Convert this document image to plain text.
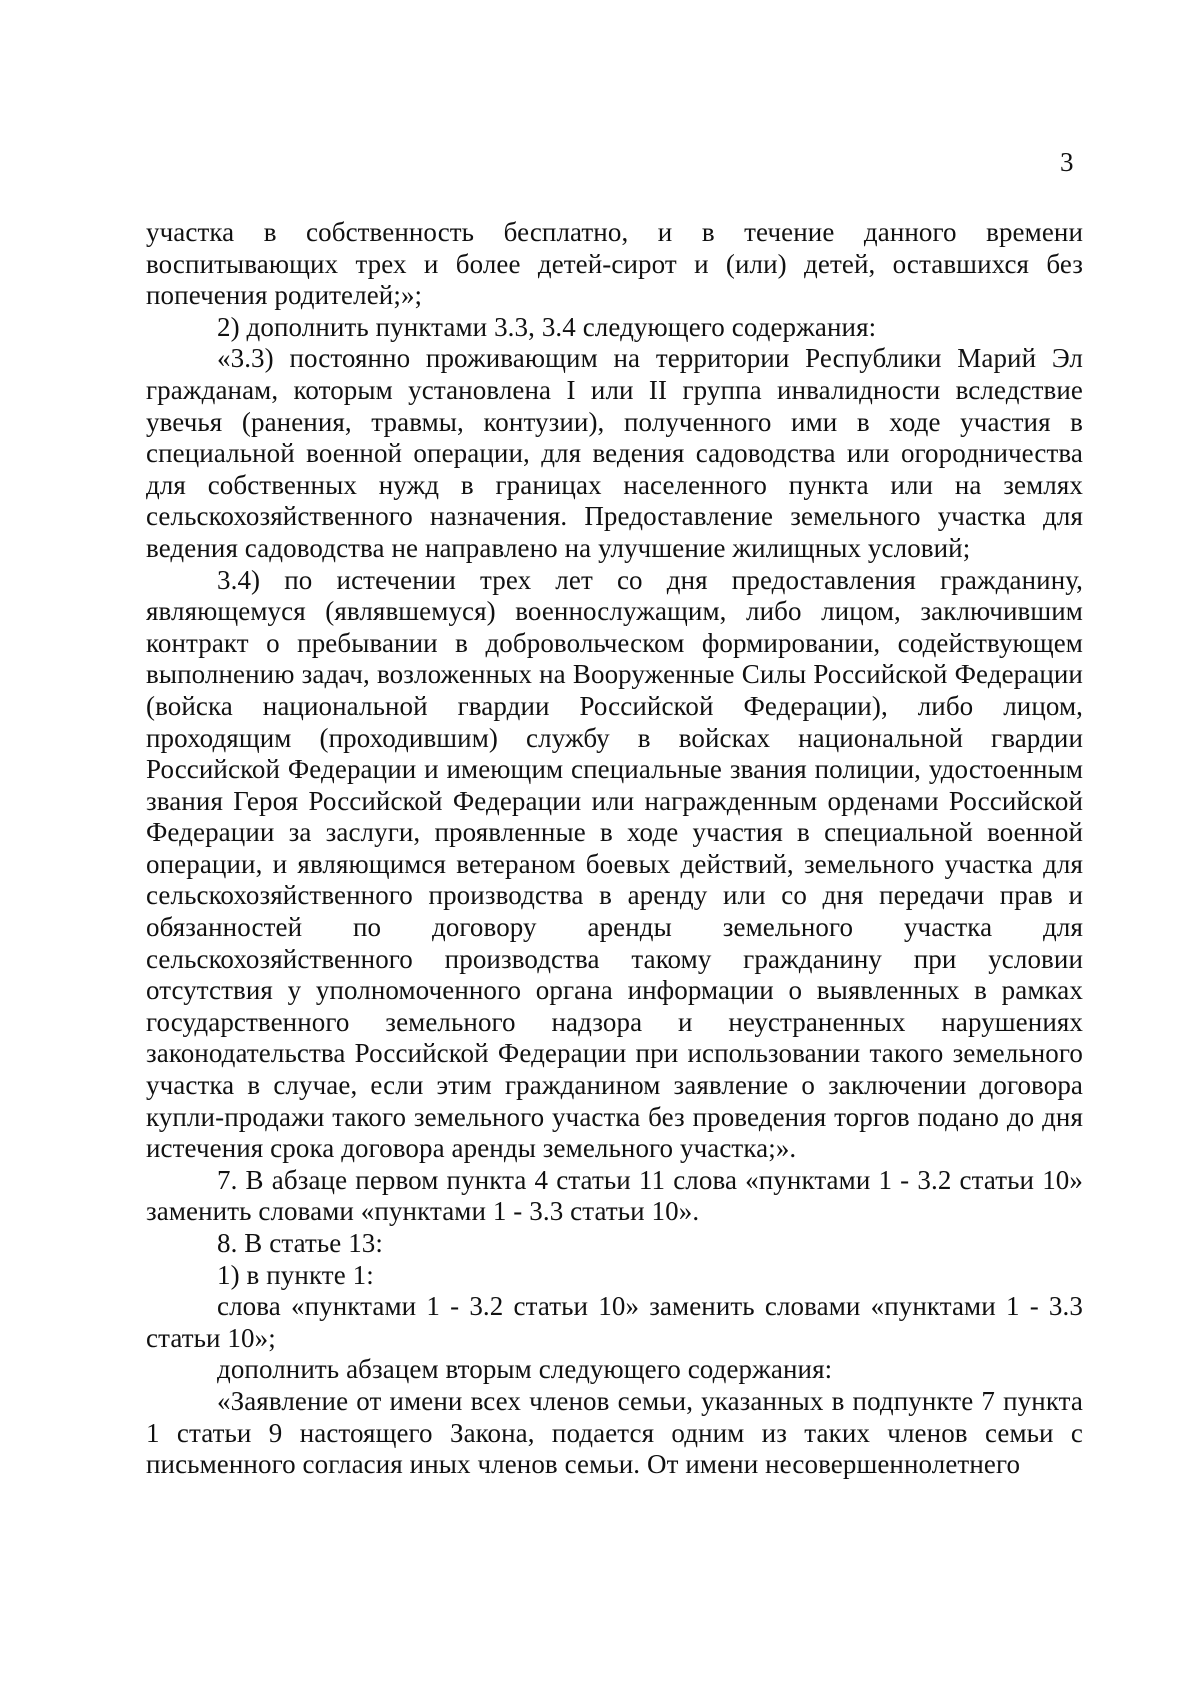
3

участка в собственность бесплатно, и в течение данного времени воспитывающих трех и более детей-сирот и (или) детей, оставшихся без попечения родителей;»;

2) дополнить пунктами 3.3, 3.4 следующего содержания:

«3.3) постоянно проживающим на территории Республики Марий Эл гражданам, которым установлена I или II группа инвалидности вследствие увечья (ранения, травмы, контузии), полученного ими в ходе участия в специальной военной операции, для ведения садоводства или огородничества для собственных нужд в границах населенного пункта или на землях сельскохозяйственного назначения. Предоставление земельного участка для ведения садоводства не направлено на улучшение жилищных условий;

3.4) по истечении трех лет со дня предоставления гражданину, являющемуся (являвшемуся) военнослужащим, либо лицом, заключившим контракт о пребывании в добровольческом формировании, содействующем выполнению задач, возложенных на Вооруженные Силы Российской Федерации (войска национальной гвардии Российской Федерации), либо лицом, проходящим (проходившим) службу в войсках национальной гвардии Российской Федерации и имеющим специальные звания полиции, удостоенным звания Героя Российской Федерации или награжденным орденами Российской Федерации за заслуги, проявленные в ходе участия в специальной военной операции, и являющимся ветераном боевых действий, земельного участка для сельскохозяйственного производства в аренду или со дня передачи прав и обязанностей по договору аренды земельного участка для сельскохозяйственного производства такому гражданину при условии отсутствия у уполномоченного органа информации о выявленных в рамках государственного земельного надзора и неустраненных нарушениях законодательства Российской Федерации при использовании такого земельного участка в случае, если этим гражданином заявление о заключении договора купли-продажи такого земельного участка без проведения торгов подано до дня истечения срока договора аренды земельного участка;».

7. В абзаце первом пункта 4 статьи 11 слова «пунктами 1 - 3.2 статьи 10» заменить словами «пунктами 1 - 3.3 статьи 10».

8. В статье 13:

1) в пункте 1:

слова «пунктами 1 - 3.2 статьи 10» заменить словами «пунктами 1 - 3.3 статьи 10»;

дополнить абзацем вторым следующего содержания:

«Заявление от имени всех членов семьи, указанных в подпункте 7 пункта 1 статьи 9 настоящего Закона, подается одним из таких членов семьи с письменного согласия иных членов семьи. От имени несовершеннолетнего
